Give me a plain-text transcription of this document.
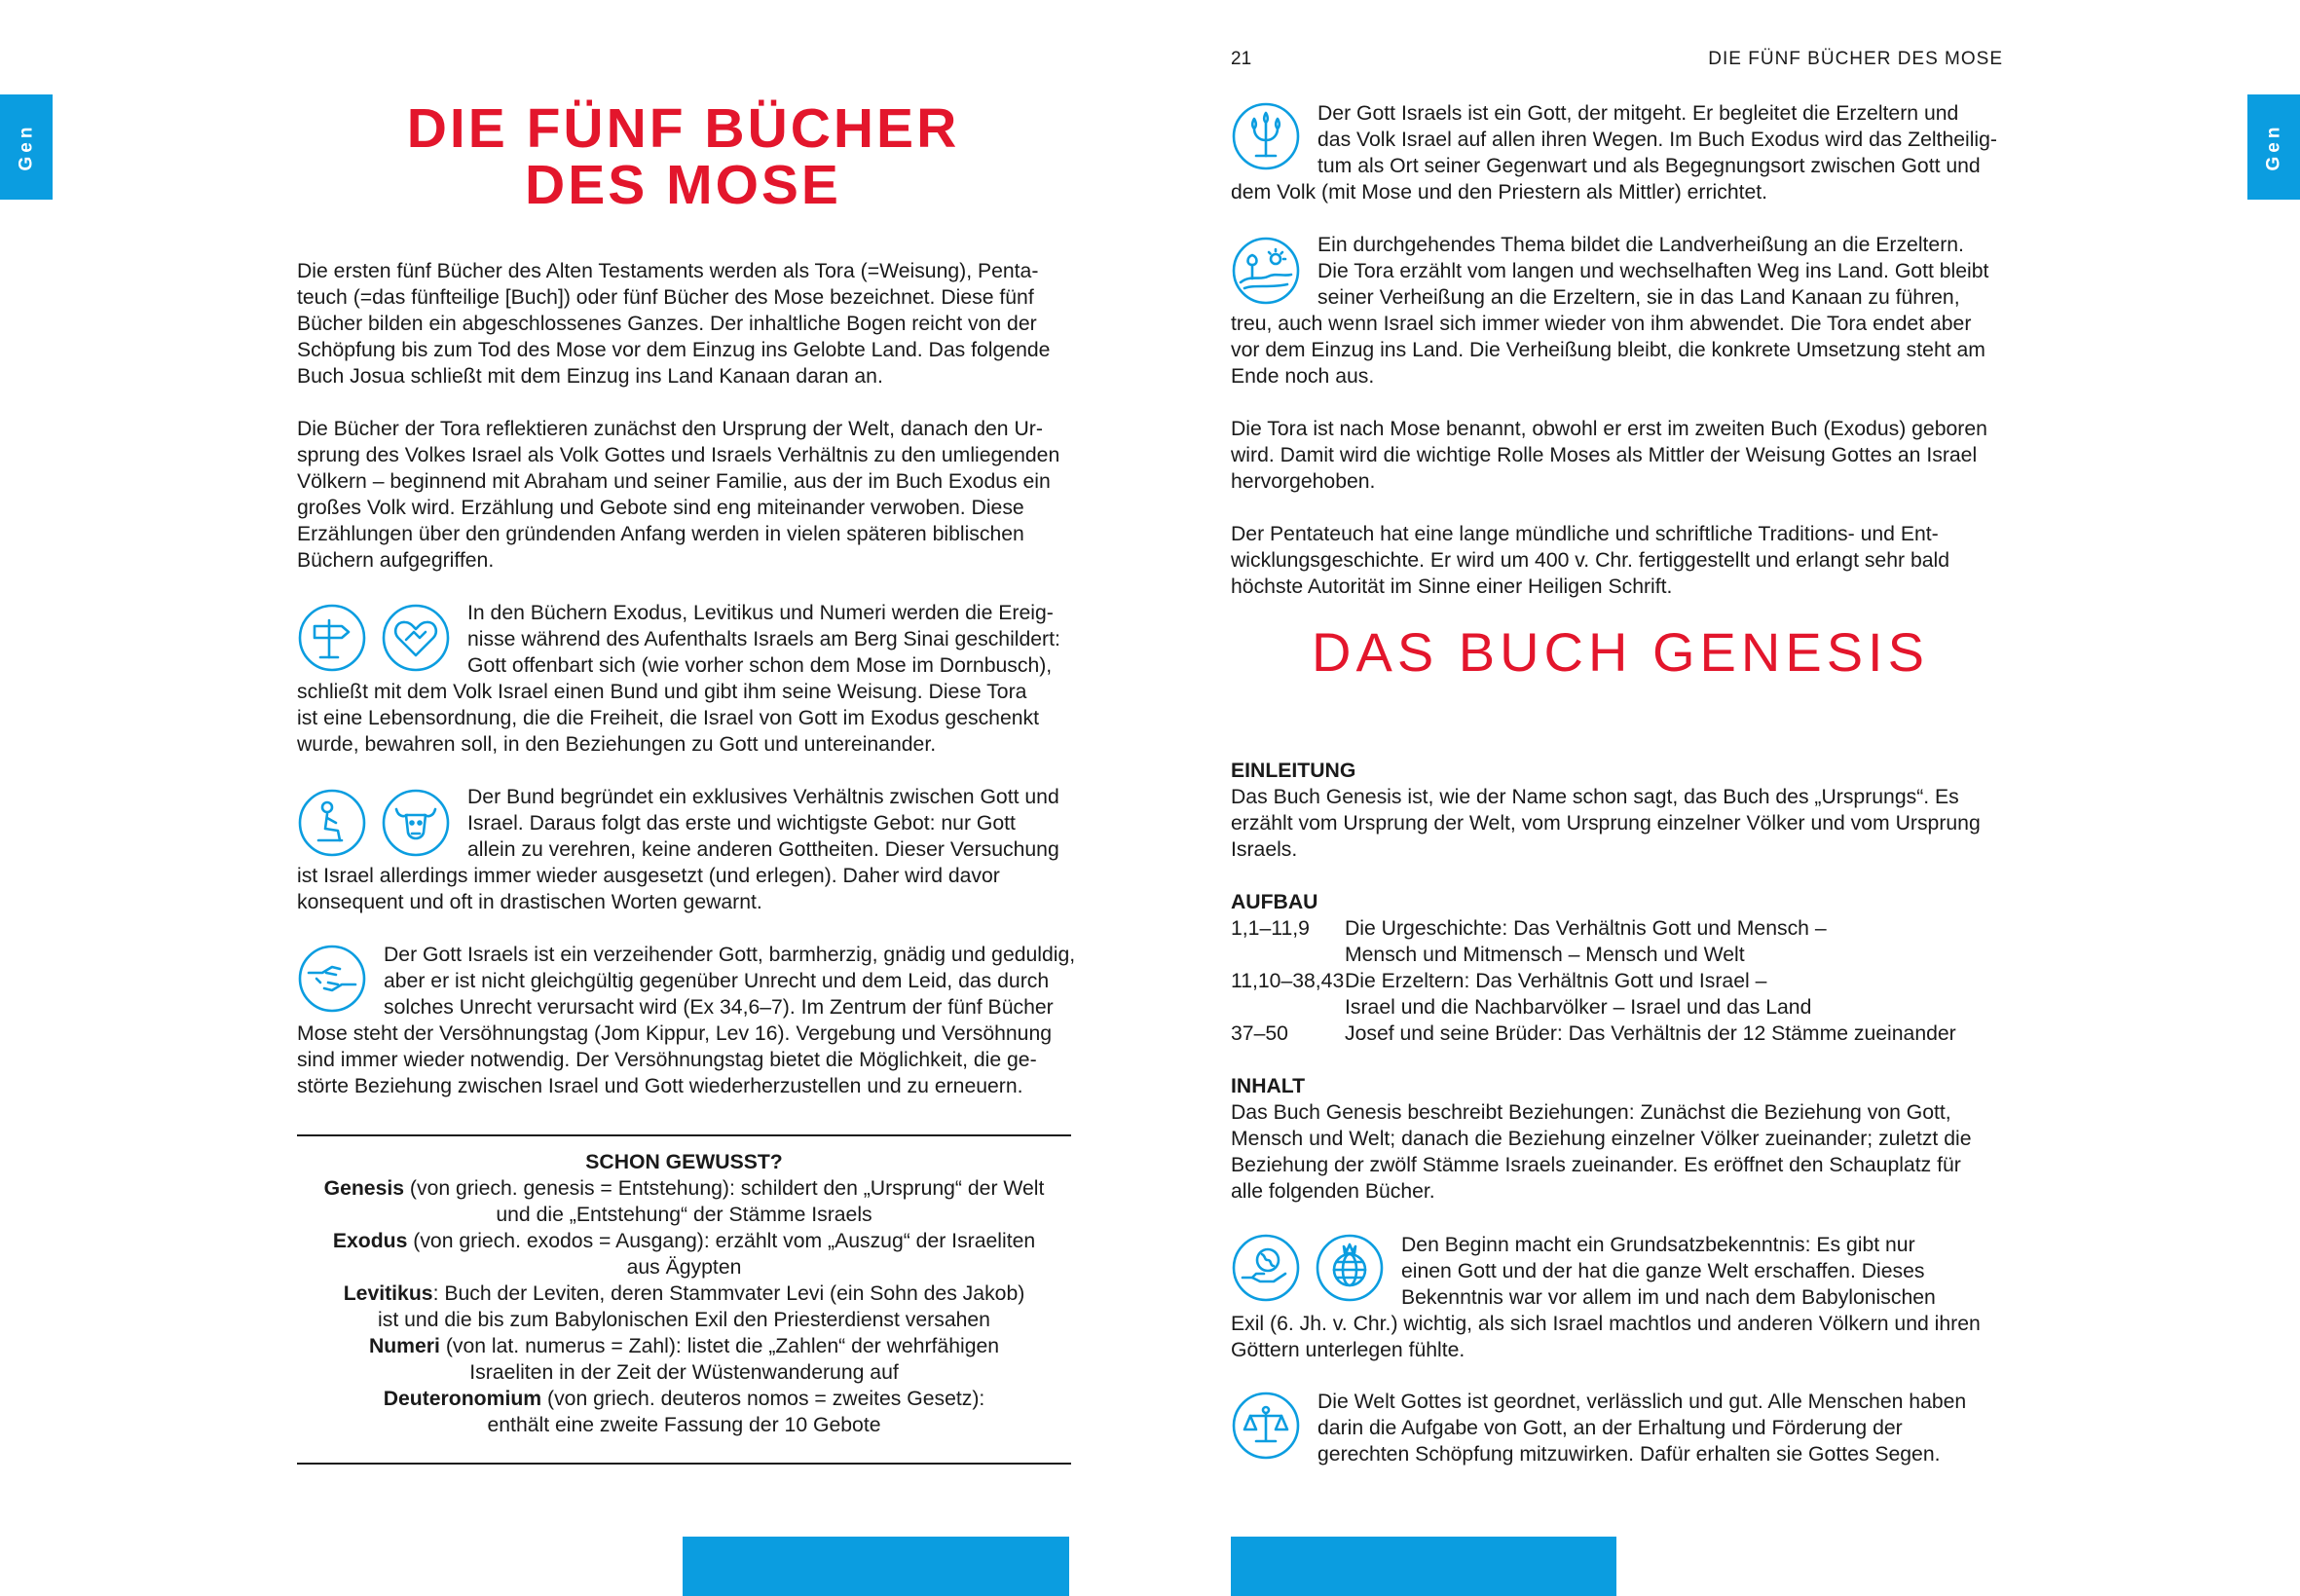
Gen	Gen
21	DIE FÜNF BÜCHER DES MOSE
DIE FÜNF BÜCHER
DES MOSE
Die ersten fünf Bücher des Alten Testaments werden als Tora (=Weisung), Penta-
teuch (=das fünfteilige [Buch]) oder fünf Bücher des Mose bezeichnet. Diese fünf
Bücher bilden ein abgeschlossenes Ganzes. Der inhaltliche Bogen reicht von der
Schöpfung bis zum Tod des Mose vor dem Einzug ins Gelobte Land. Das folgende
Buch Josua schließt mit dem Einzug ins Land Kanaan daran an.
Die Bücher der Tora reflektieren zunächst den Ursprung der Welt, danach den Ur-
sprung des Volkes Israel als Volk Gottes und Israels Verhältnis zu den umliegenden
Völkern – beginnend mit Abraham und seiner Familie, aus der im Buch Exodus ein
großes Volk wird. Erzählung und Gebote sind eng miteinander verwoben. Diese
Erzählungen über den gründenden Anfang werden in vielen späteren biblischen
Büchern aufgegriffen.
In den Büchern Exodus, Levitikus und Numeri werden die Ereig-
nisse während des Aufenthalts Israels am Berg Sinai geschildert:
Gott offenbart sich (wie vorher schon dem Mose im Dornbusch),
schließt mit dem Volk Israel einen Bund und gibt ihm seine Weisung. Diese Tora
ist eine Lebensordnung, die die Freiheit, die Israel von Gott im Exodus geschenkt
wurde, bewahren soll, in den Beziehungen zu Gott und untereinander.
Der Bund begründet ein exklusives Verhältnis zwischen Gott und
Israel. Daraus folgt das erste und wichtigste Gebot: nur Gott
allein zu verehren, keine anderen Gottheiten. Dieser Versuchung
ist Israel allerdings immer wieder ausgesetzt (und erlegen). Daher wird davor
konsequent und oft in drastischen Worten gewarnt.
Der Gott Israels ist ein verzeihender Gott, barmherzig, gnädig und geduldig,
aber er ist nicht gleichgültig gegenüber Unrecht und dem Leid, das durch
solches Unrecht verursacht wird (Ex 34,6–7). Im Zentrum der fünf Bücher
Mose steht der Versöhnungstag (Jom Kippur, Lev 16). Vergebung und Versöhnung
sind immer wieder notwendig. Der Versöhnungstag bietet die Möglichkeit, die ge-
störte Beziehung zwischen Israel und Gott wiederherzustellen und zu erneuern.
SCHON GEWUSST?
Genesis (von griech. genesis = Entstehung): schildert den „Ursprung“ der Welt
und die „Entstehung“ der Stämme Israels
Exodus (von griech. exodos = Ausgang): erzählt vom „Auszug“ der Israeliten
aus Ägypten
Levitikus: Buch der Leviten, deren Stammvater Levi (ein Sohn des Jakob)
ist und die bis zum Babylonischen Exil den Priesterdienst versahen
Numeri (von lat. numerus = Zahl): listet die „Zahlen“ der wehrfähigen
Israeliten in der Zeit der Wüstenwanderung auf
Deuteronomium (von griech. deuteros nomos = zweites Gesetz):
enthält eine zweite Fassung der 10 Gebote
Der Gott Israels ist ein Gott, der mitgeht. Er begleitet die Erzeltern und
das Volk Israel auf allen ihren Wegen. Im Buch Exodus wird das Zeltheilig-
tum als Ort seiner Gegenwart und als Begegnungsort zwischen Gott und
dem Volk (mit Mose und den Priestern als Mittler) errichtet.
Ein durchgehendes Thema bildet die Landverheißung an die Erzeltern.
Die Tora erzählt vom langen und wechselhaften Weg ins Land. Gott bleibt
seiner Verheißung an die Erzeltern, sie in das Land Kanaan zu führen,
treu, auch wenn Israel sich immer wieder von ihm abwendet. Die Tora endet aber
vor dem Einzug ins Land. Die Verheißung bleibt, die konkrete Umsetzung steht am
Ende noch aus.
Die Tora ist nach Mose benannt, obwohl er erst im zweiten Buch (Exodus) geboren
wird. Damit wird die wichtige Rolle Moses als Mittler der Weisung Gottes an Israel
hervorgehoben.
Der Pentateuch hat eine lange mündliche und schriftliche Traditions- und Ent-
wicklungsgeschichte. Er wird um 400 v. Chr. fertiggestellt und erlangt sehr bald
höchste Autorität im Sinne einer Heiligen Schrift.
DAS BUCH GENESIS
EINLEITUNG
Das Buch Genesis ist, wie der Name schon sagt, das Buch des „Ursprungs“. Es
erzählt vom Ursprung der Welt, vom Ursprung einzelner Völker und vom Ursprung
Israels.
AUFBAU
1,1–11,9 Die Urgeschichte: Das Verhältnis Gott und Mensch –
Mensch und Mitmensch – Mensch und Welt
11,10–38,43 Die Erzeltern: Das Verhältnis Gott und Israel –
Israel und die Nachbarvölker – Israel und das Land
37–50	Josef und seine Brüder: Das Verhältnis der 12 Stämme zueinander
INHALT
Das Buch Genesis beschreibt Beziehungen: Zunächst die Beziehung von Gott,
Mensch und Welt; danach die Beziehung einzelner Völker zueinander; zuletzt die
Beziehung der zwölf Stämme Israels zueinander. Es eröffnet den Schauplatz für
alle folgenden Bücher.
Den Beginn macht ein Grundsatzbekenntnis: Es gibt nur
einen Gott und der hat die ganze Welt erschaffen. Dieses
Bekenntnis war vor allem im und nach dem Babylonischen
Exil (6. Jh. v. Chr.) wichtig, als sich Israel machtlos und anderen Völkern und ihren
Göttern unterlegen fühlte.
Die Welt Gottes ist geordnet, verlässlich und gut. Alle Menschen haben
darin die Aufgabe von Gott, an der Erhaltung und Förderung der
gerechten Schöpfung mitzuwirken. Dafür erhalten sie Gottes Segen.
